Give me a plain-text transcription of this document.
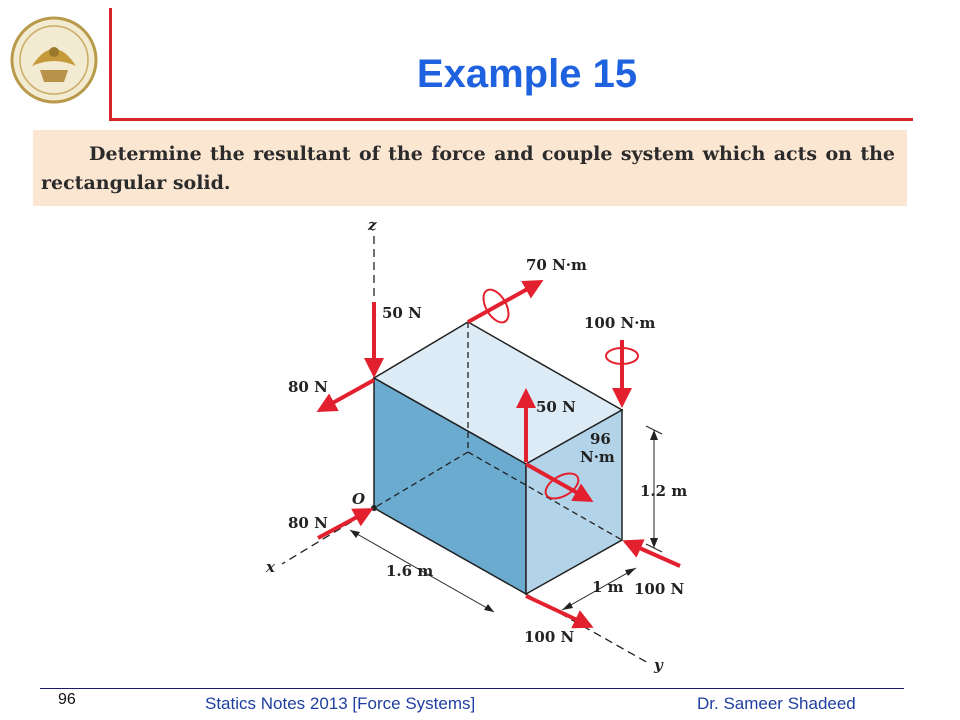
Example 15
Determine the resultant of the force and couple system which acts on the rectangular solid.
z
x
y
O
50 N
80 N
70 N·m
100 N·m
50 N
96
N·m
80 N
100 N
100 N
1.2 m
1.6 m
1 m
96	Statics Notes 2013 [Force Systems]	Dr. Sameer Shadeed
